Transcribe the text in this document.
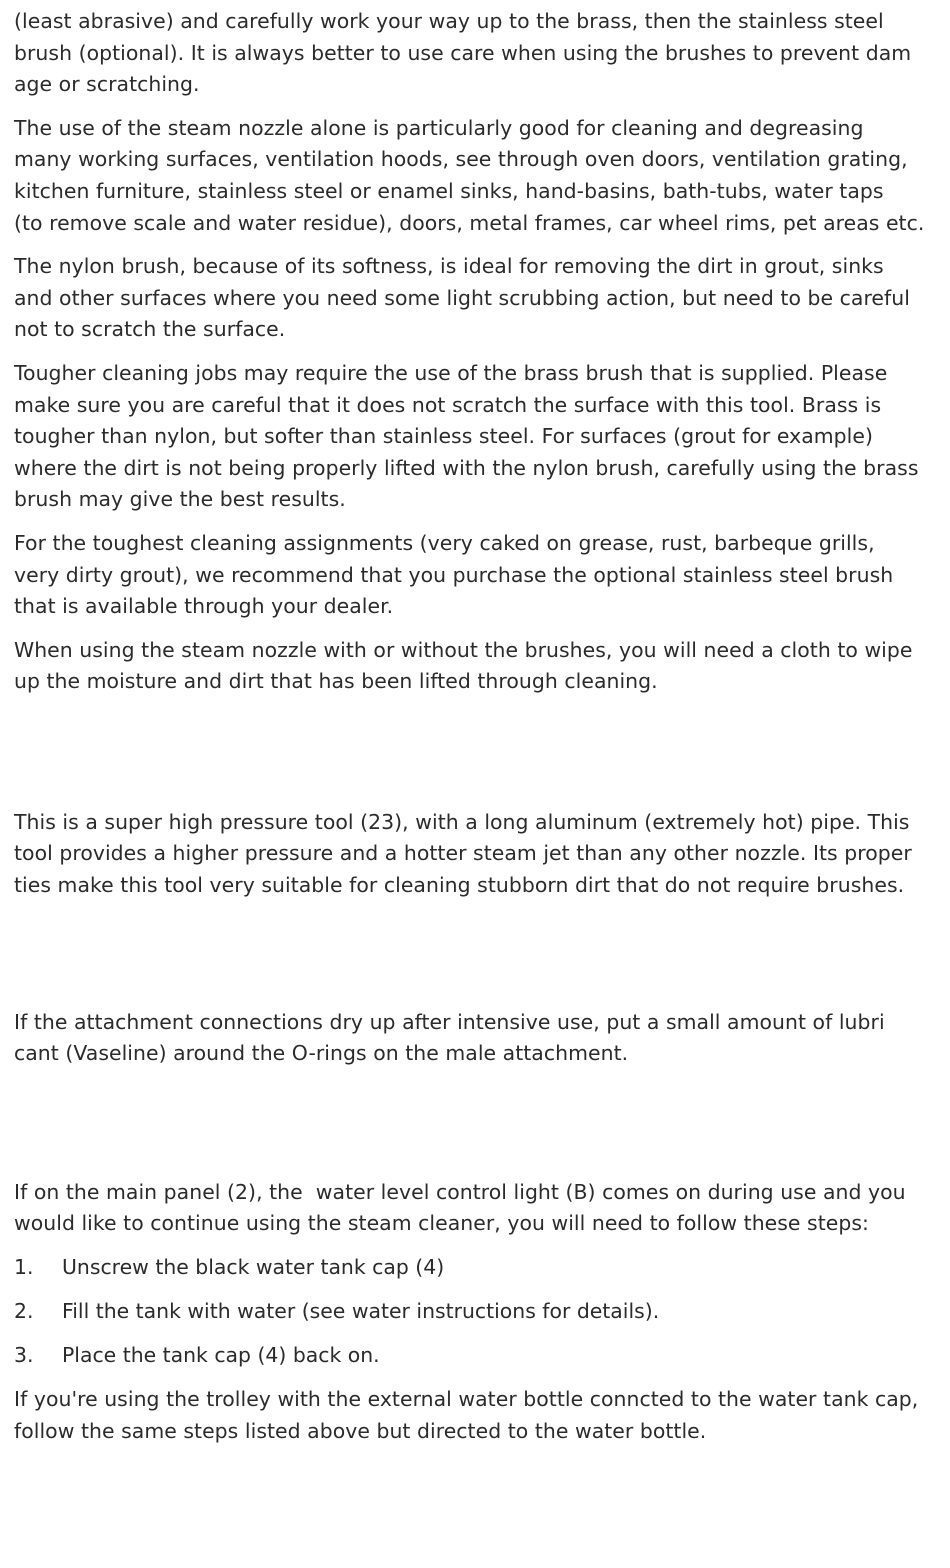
(least abrasive) and carefully work your way up to the brass, then the stainless steel
brush (optional). It is always better to use care when using the brushes to prevent dam
age or scratching.
The use of the steam nozzle alone is particularly good for cleaning and degreasing
many working surfaces, ventilation hoods, see through oven doors, ventilation grating,
kitchen furniture, stainless steel or enamel sinks, hand-basins, bath-tubs, water taps
(to remove scale and water residue), doors, metal frames, car wheel rims, pet areas etc.
The nylon brush, because of its softness, is ideal for removing the dirt in grout, sinks
and other surfaces where you need some light scrubbing action, but need to be careful
not to scratch the surface.
Tougher cleaning jobs may require the use of the brass brush that is supplied. Please
make sure you are careful that it does not scratch the surface with this tool. Brass is
tougher than nylon, but softer than stainless steel. For surfaces (grout for example)
where the dirt is not being properly lifted with the nylon brush, carefully using the brass
brush may give the best results.
For the toughest cleaning assignments (very caked on grease, rust, barbeque grills,
very dirty grout), we recommend that you purchase the optional stainless steel brush
that is available through your dealer.
When using the steam nozzle with or without the brushes, you will need a cloth to wipe
up the moisture and dirt that has been lifted through cleaning.
This is a super high pressure tool (23), with a long aluminum (extremely hot) pipe. This
tool provides a higher pressure and a hotter steam jet than any other nozzle. Its proper
ties make this tool very suitable for cleaning stubborn dirt that do not require brushes.
If the attachment connections dry up after intensive use, put a small amount of lubri
cant (Vaseline) around the O-rings on the male attachment.
If on the main panel (2), the  water level control light (B) comes on during use and you
would like to continue using the steam cleaner, you will need to follow these steps:
1.	Unscrew the black water tank cap (4)
2.	Fill the tank with water (see water instructions for details).
3.	Place the tank cap (4) back on.
If you're using the trolley with the external water bottle conncted to the water tank cap,
follow the same steps listed above but directed to the water bottle.
